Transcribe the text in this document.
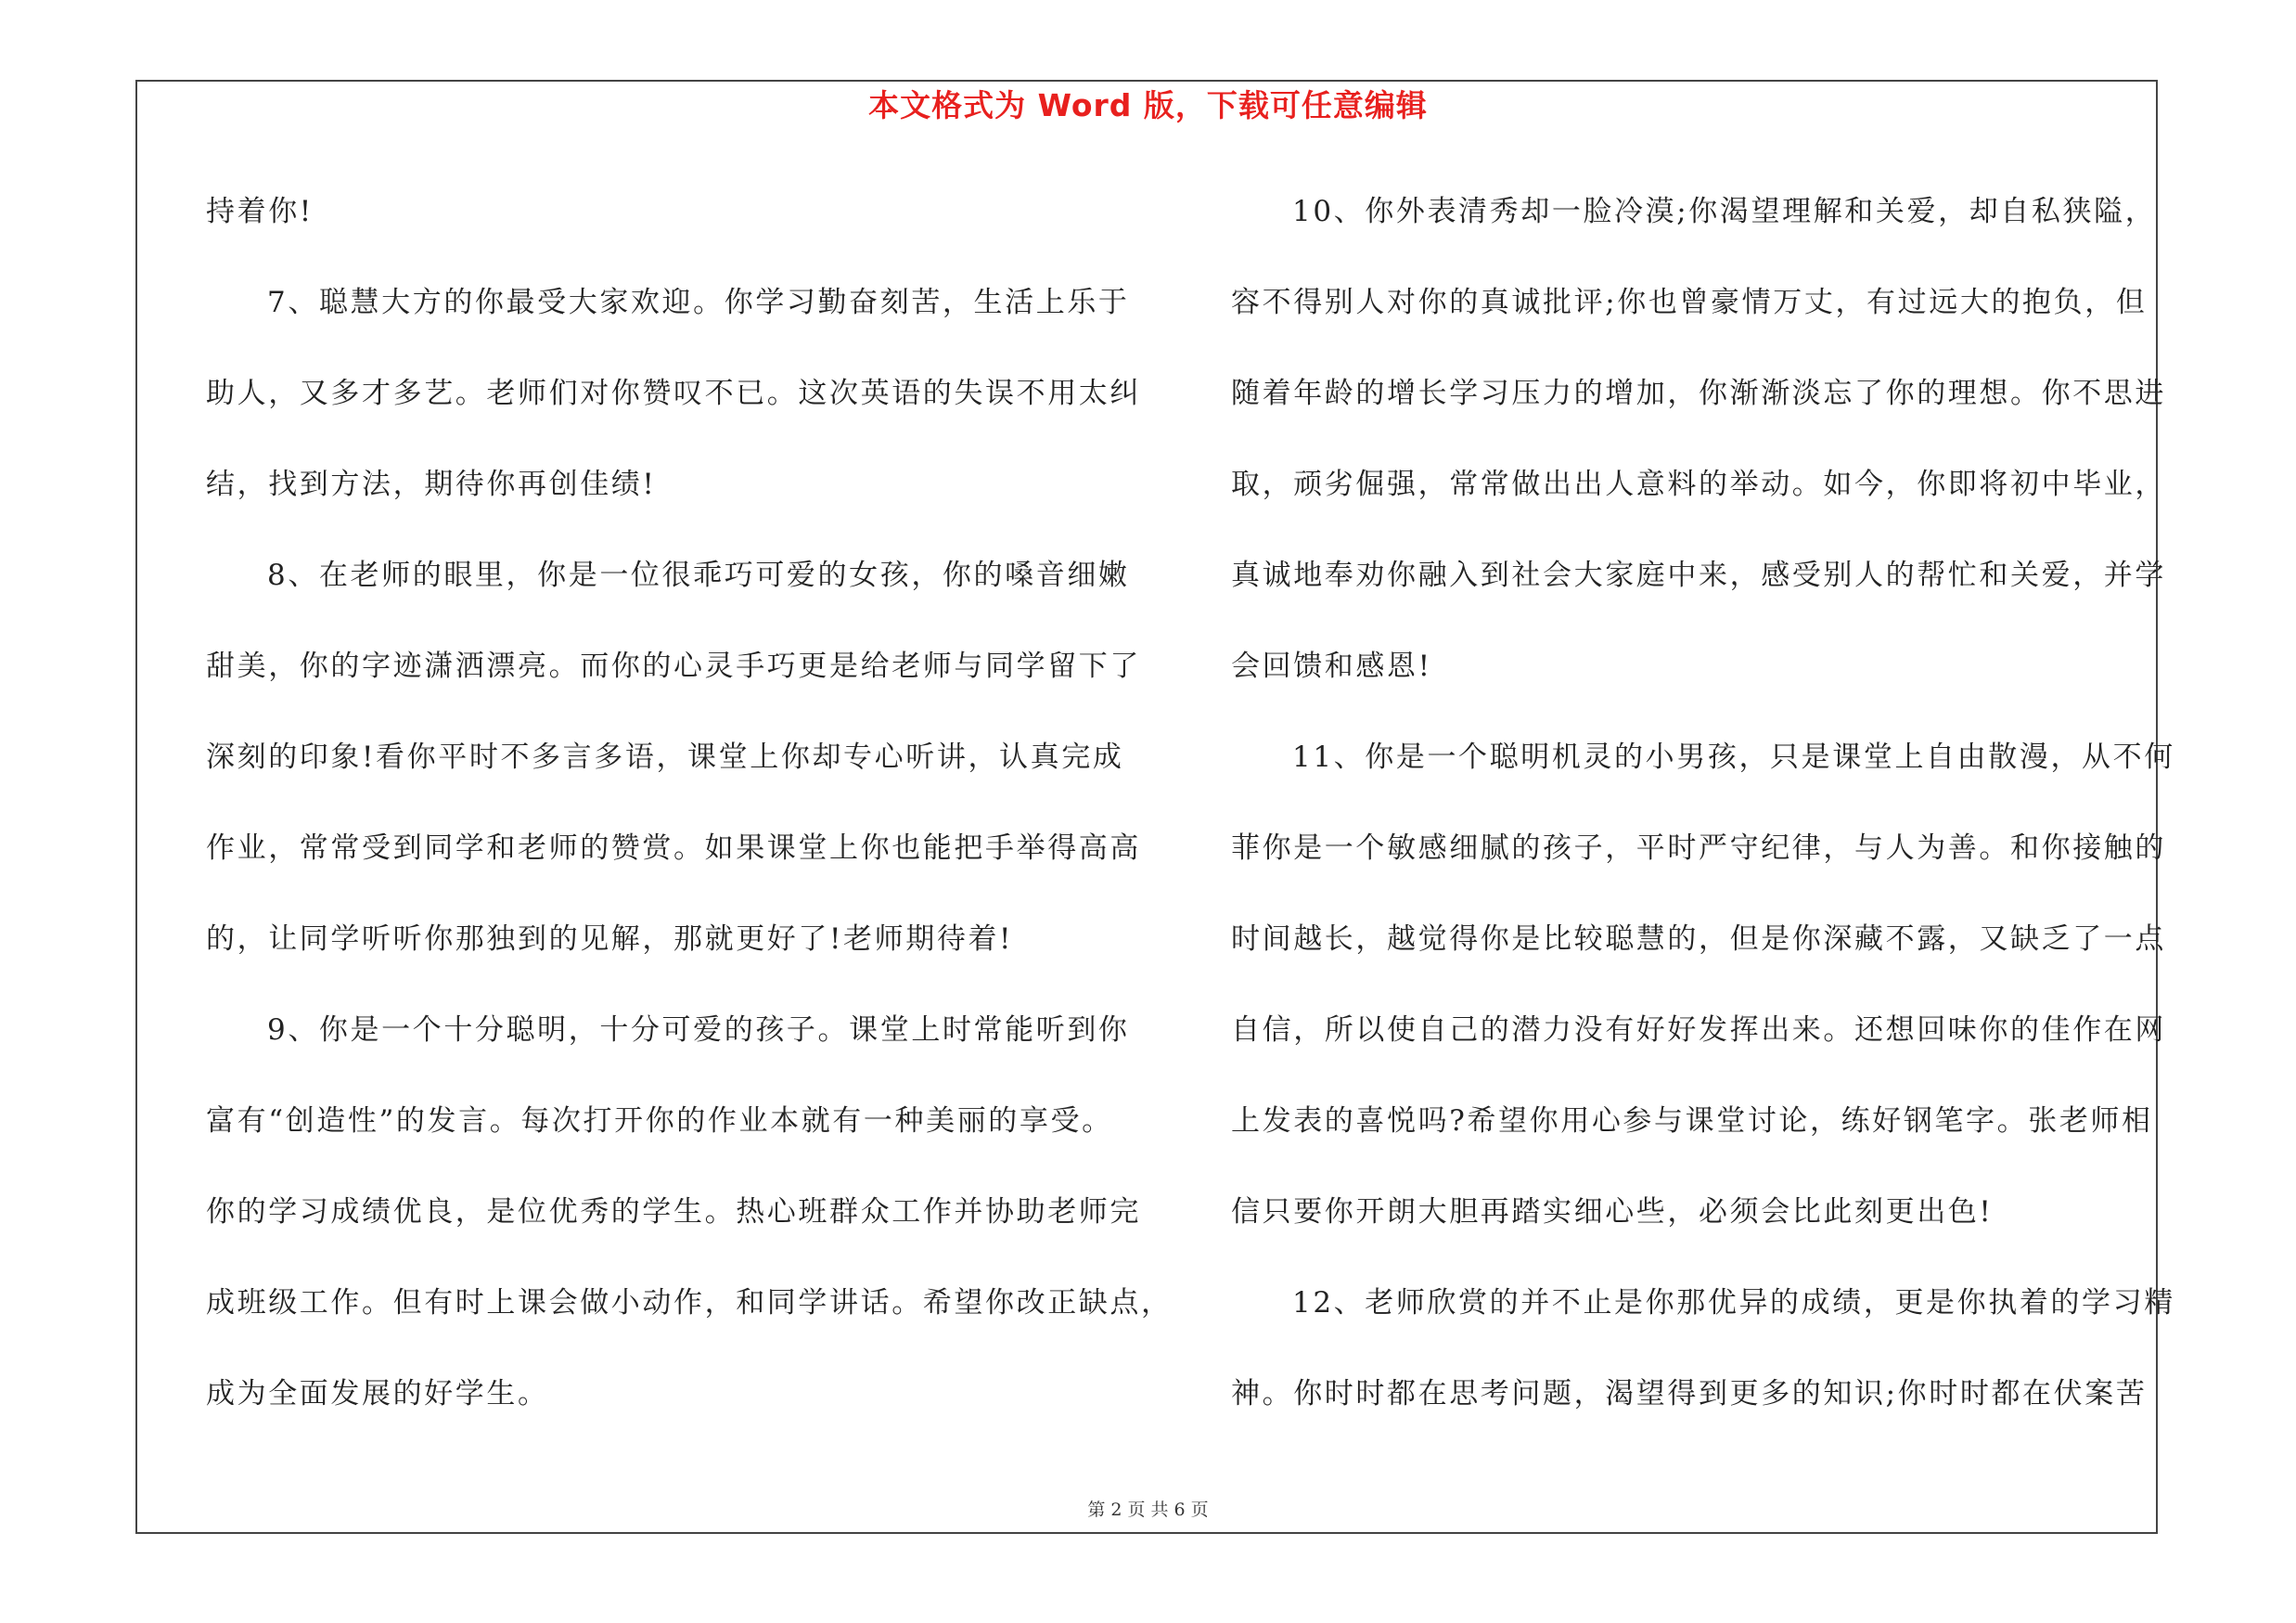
本文格式为 Word 版，下载可任意编辑
持着你!
7、聪慧大方的你最受大家欢迎。你学习勤奋刻苦，生活上乐于
助人，又多才多艺。老师们对你赞叹不已。这次英语的失误不用太纠
结，找到方法，期待你再创佳绩!
8、在老师的眼里，你是一位很乖巧可爱的女孩，你的嗓音细嫩
甜美，你的字迹潇洒漂亮。而你的心灵手巧更是给老师与同学留下了
深刻的印象!看你平时不多言多语，课堂上你却专心听讲，认真完成
作业，常常受到同学和老师的赞赏。如果课堂上你也能把手举得高高
的，让同学听听你那独到的见解，那就更好了!老师期待着!
9、你是一个十分聪明，十分可爱的孩子。课堂上时常能听到你
富有“创造性”的发言。每次打开你的作业本就有一种美丽的享受。
你的学习成绩优良，是位优秀的学生。热心班群众工作并协助老师完
成班级工作。但有时上课会做小动作，和同学讲话。希望你改正缺点，
成为全面发展的好学生。
10、你外表清秀却一脸冷漠;你渴望理解和关爱，却自私狭隘，
容不得别人对你的真诚批评;你也曾豪情万丈，有过远大的抱负，但
随着年龄的增长学习压力的增加，你渐渐淡忘了你的理想。你不思进
取，顽劣倔强，常常做出出人意料的举动。如今，你即将初中毕业，
真诚地奉劝你融入到社会大家庭中来，感受别人的帮忙和关爱，并学
会回馈和感恩!
11、你是一个聪明机灵的小男孩，只是课堂上自由散漫，从不何
菲你是一个敏感细腻的孩子，平时严守纪律，与人为善。和你接触的
时间越长，越觉得你是比较聪慧的，但是你深藏不露，又缺乏了一点
自信，所以使自己的潜力没有好好发挥出来。还想回味你的佳作在网
上发表的喜悦吗?希望你用心参与课堂讨论，练好钢笔字。张老师相
信只要你开朗大胆再踏实细心些，必须会比此刻更出色!
12、老师欣赏的并不止是你那优异的成绩，更是你执着的学习精
神。你时时都在思考问题，渴望得到更多的知识;你时时都在伏案苦
第 2 页 共 6 页
